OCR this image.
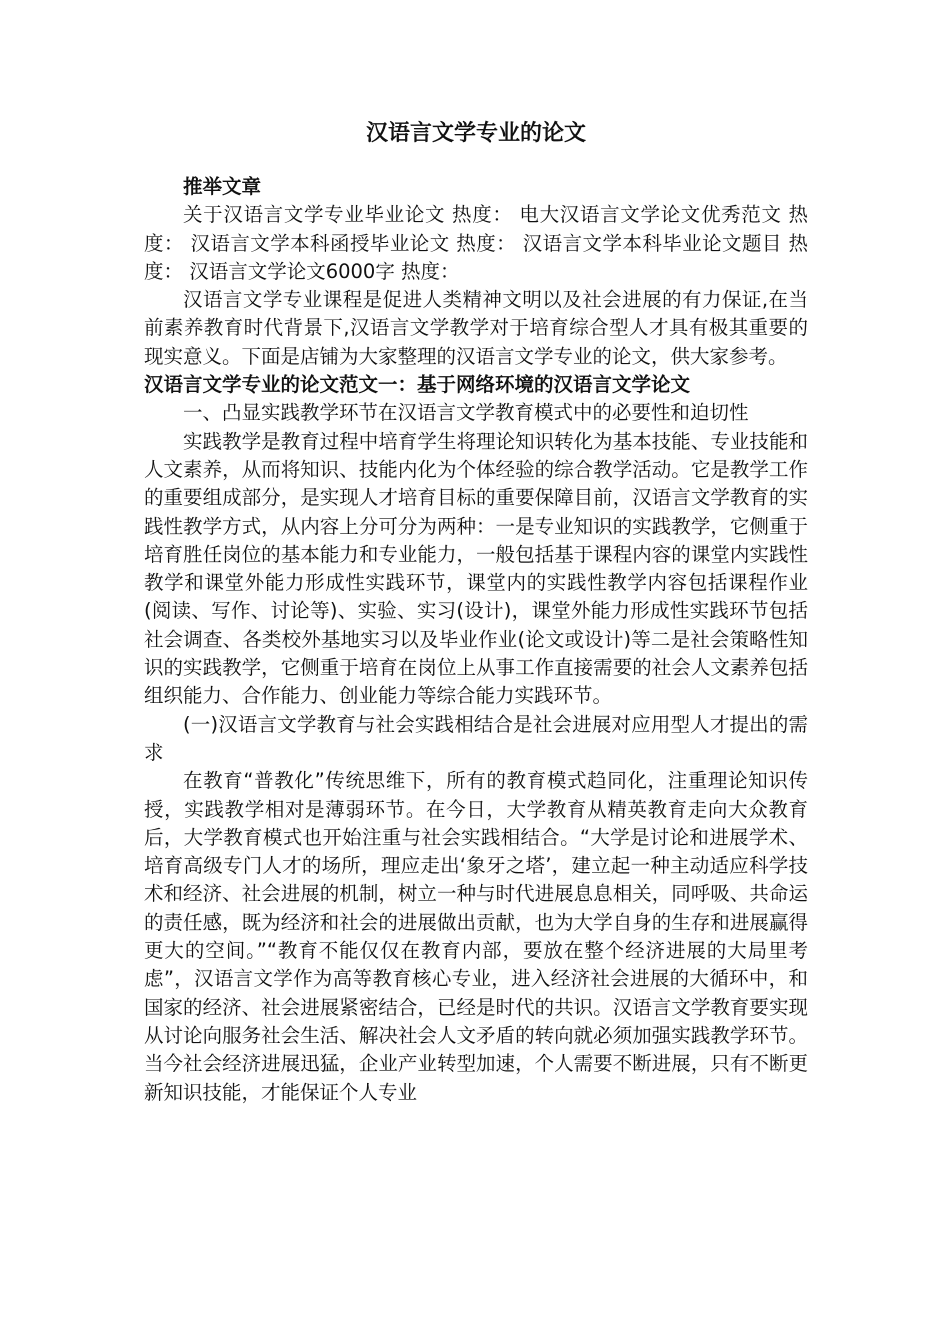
汉语言文学专业的论文

推举文章

关于汉语言文学专业毕业论文 热度： 电大汉语言文学论文优秀范文 热度： 汉语言文学本科函授毕业论文 热度： 汉语言文学本科毕业论文题目 热度： 汉语言文学论文6000字 热度：

汉语言文学专业课程是促进人类精神文明以及社会进展的有力保证,在当前素养教育时代背景下,汉语言文学教学对于培育综合型人才具有极其重要的现实意义。下面是店铺为大家整理的汉语言文学专业的论文，供大家参考。

汉语言文学专业的论文范文一：基于网络环境的汉语言文学论文

一、凸显实践教学环节在汉语言文学教育模式中的必要性和迫切性

实践教学是教育过程中培育学生将理论知识转化为基本技能、专业技能和人文素养，从而将知识、技能内化为个体经验的综合教学活动。它是教学工作的重要组成部分，是实现人才培育目标的重要保障目前，汉语言文学教育的实践性教学方式，从内容上分可分为两种：一是专业知识的实践教学，它侧重于培育胜任岗位的基本能力和专业能力，一般包括基于课程内容的课堂内实践性教学和课堂外能力形成性实践环节，课堂内的实践性教学内容包括课程作业(阅读、写作、讨论等)、实验、实习(设计)，课堂外能力形成性实践环节包括社会调查、各类校外基地实习以及毕业作业(论文或设计)等二是社会策略性知识的实践教学，它侧重于培育在岗位上从事工作直接需要的社会人文素养包括组织能力、合作能力、创业能力等综合能力实践环节。

(一)汉语言文学教育与社会实践相结合是社会进展对应用型人才提出的需求

在教育“普教化”传统思维下，所有的教育模式趋同化，注重理论知识传授，实践教学相对是薄弱环节。在今日，大学教育从精英教育走向大众教育后，大学教育模式也开始注重与社会实践相结合。“大学是讨论和进展学术、培育高级专门人才的场所，理应走出‘象牙之塔’，建立起一种主动适应科学技术和经济、社会进展的机制，树立一种与时代进展息息相关，同呼吸、共命运的责任感，既为经济和社会的进展做出贡献，也为大学自身的生存和进展赢得更大的空间。”“教育不能仅仅在教育内部，要放在整个经济进展的大局里考虑”，汉语言文学作为高等教育核心专业，进入经济社会进展的大循环中，和国家的经济、社会进展紧密结合，已经是时代的共识。汉语言文学教育要实现从讨论向服务社会生活、解决社会人文矛盾的转向就必须加强实践教学环节。当今社会经济进展迅猛，企业产业转型加速，个人需要不断进展，只有不断更新知识技能，才能保证个人专业
